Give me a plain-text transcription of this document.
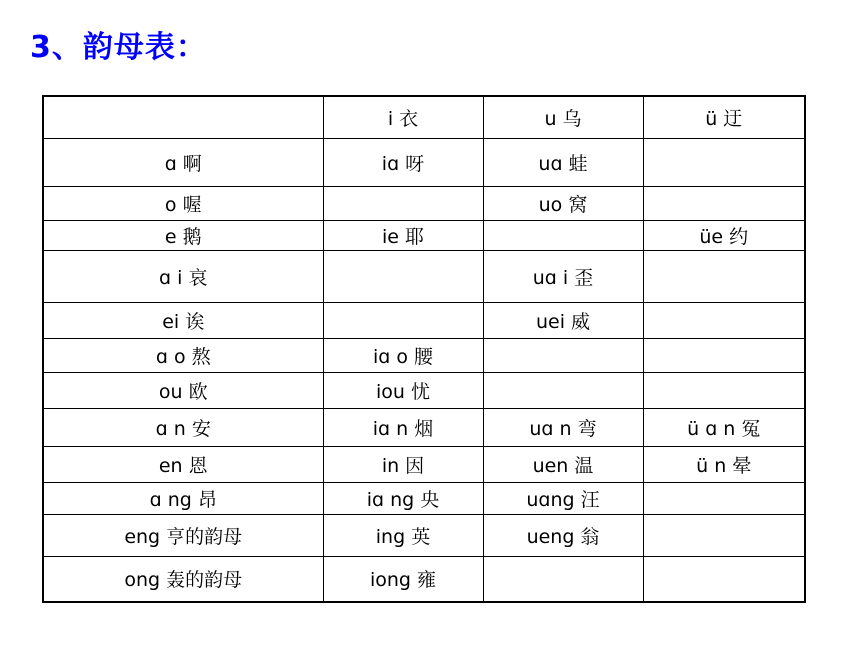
3、韵母表：
	i 衣	u 乌	ü 迂
ɑ 啊	iɑ 呀	uɑ 蛙	
o 喔		uo 窝	
e 鹅	ie 耶		üe 约
ɑ i 哀		uɑ i 歪	
ei 诶		uei 威	
ɑ o 熬	iɑ o 腰		
ou 欧	iou 忧		
ɑ n 安	iɑ n 烟	uɑ n 弯	ü ɑ n 冤
en 恩	in 因	uen 温	ü n 晕
ɑ ng 昂	iɑ ng 央	uɑng 汪	
eng 亨的韵母	ing 英	ueng 翁	
ong 轰的韵母	iong 雍		
